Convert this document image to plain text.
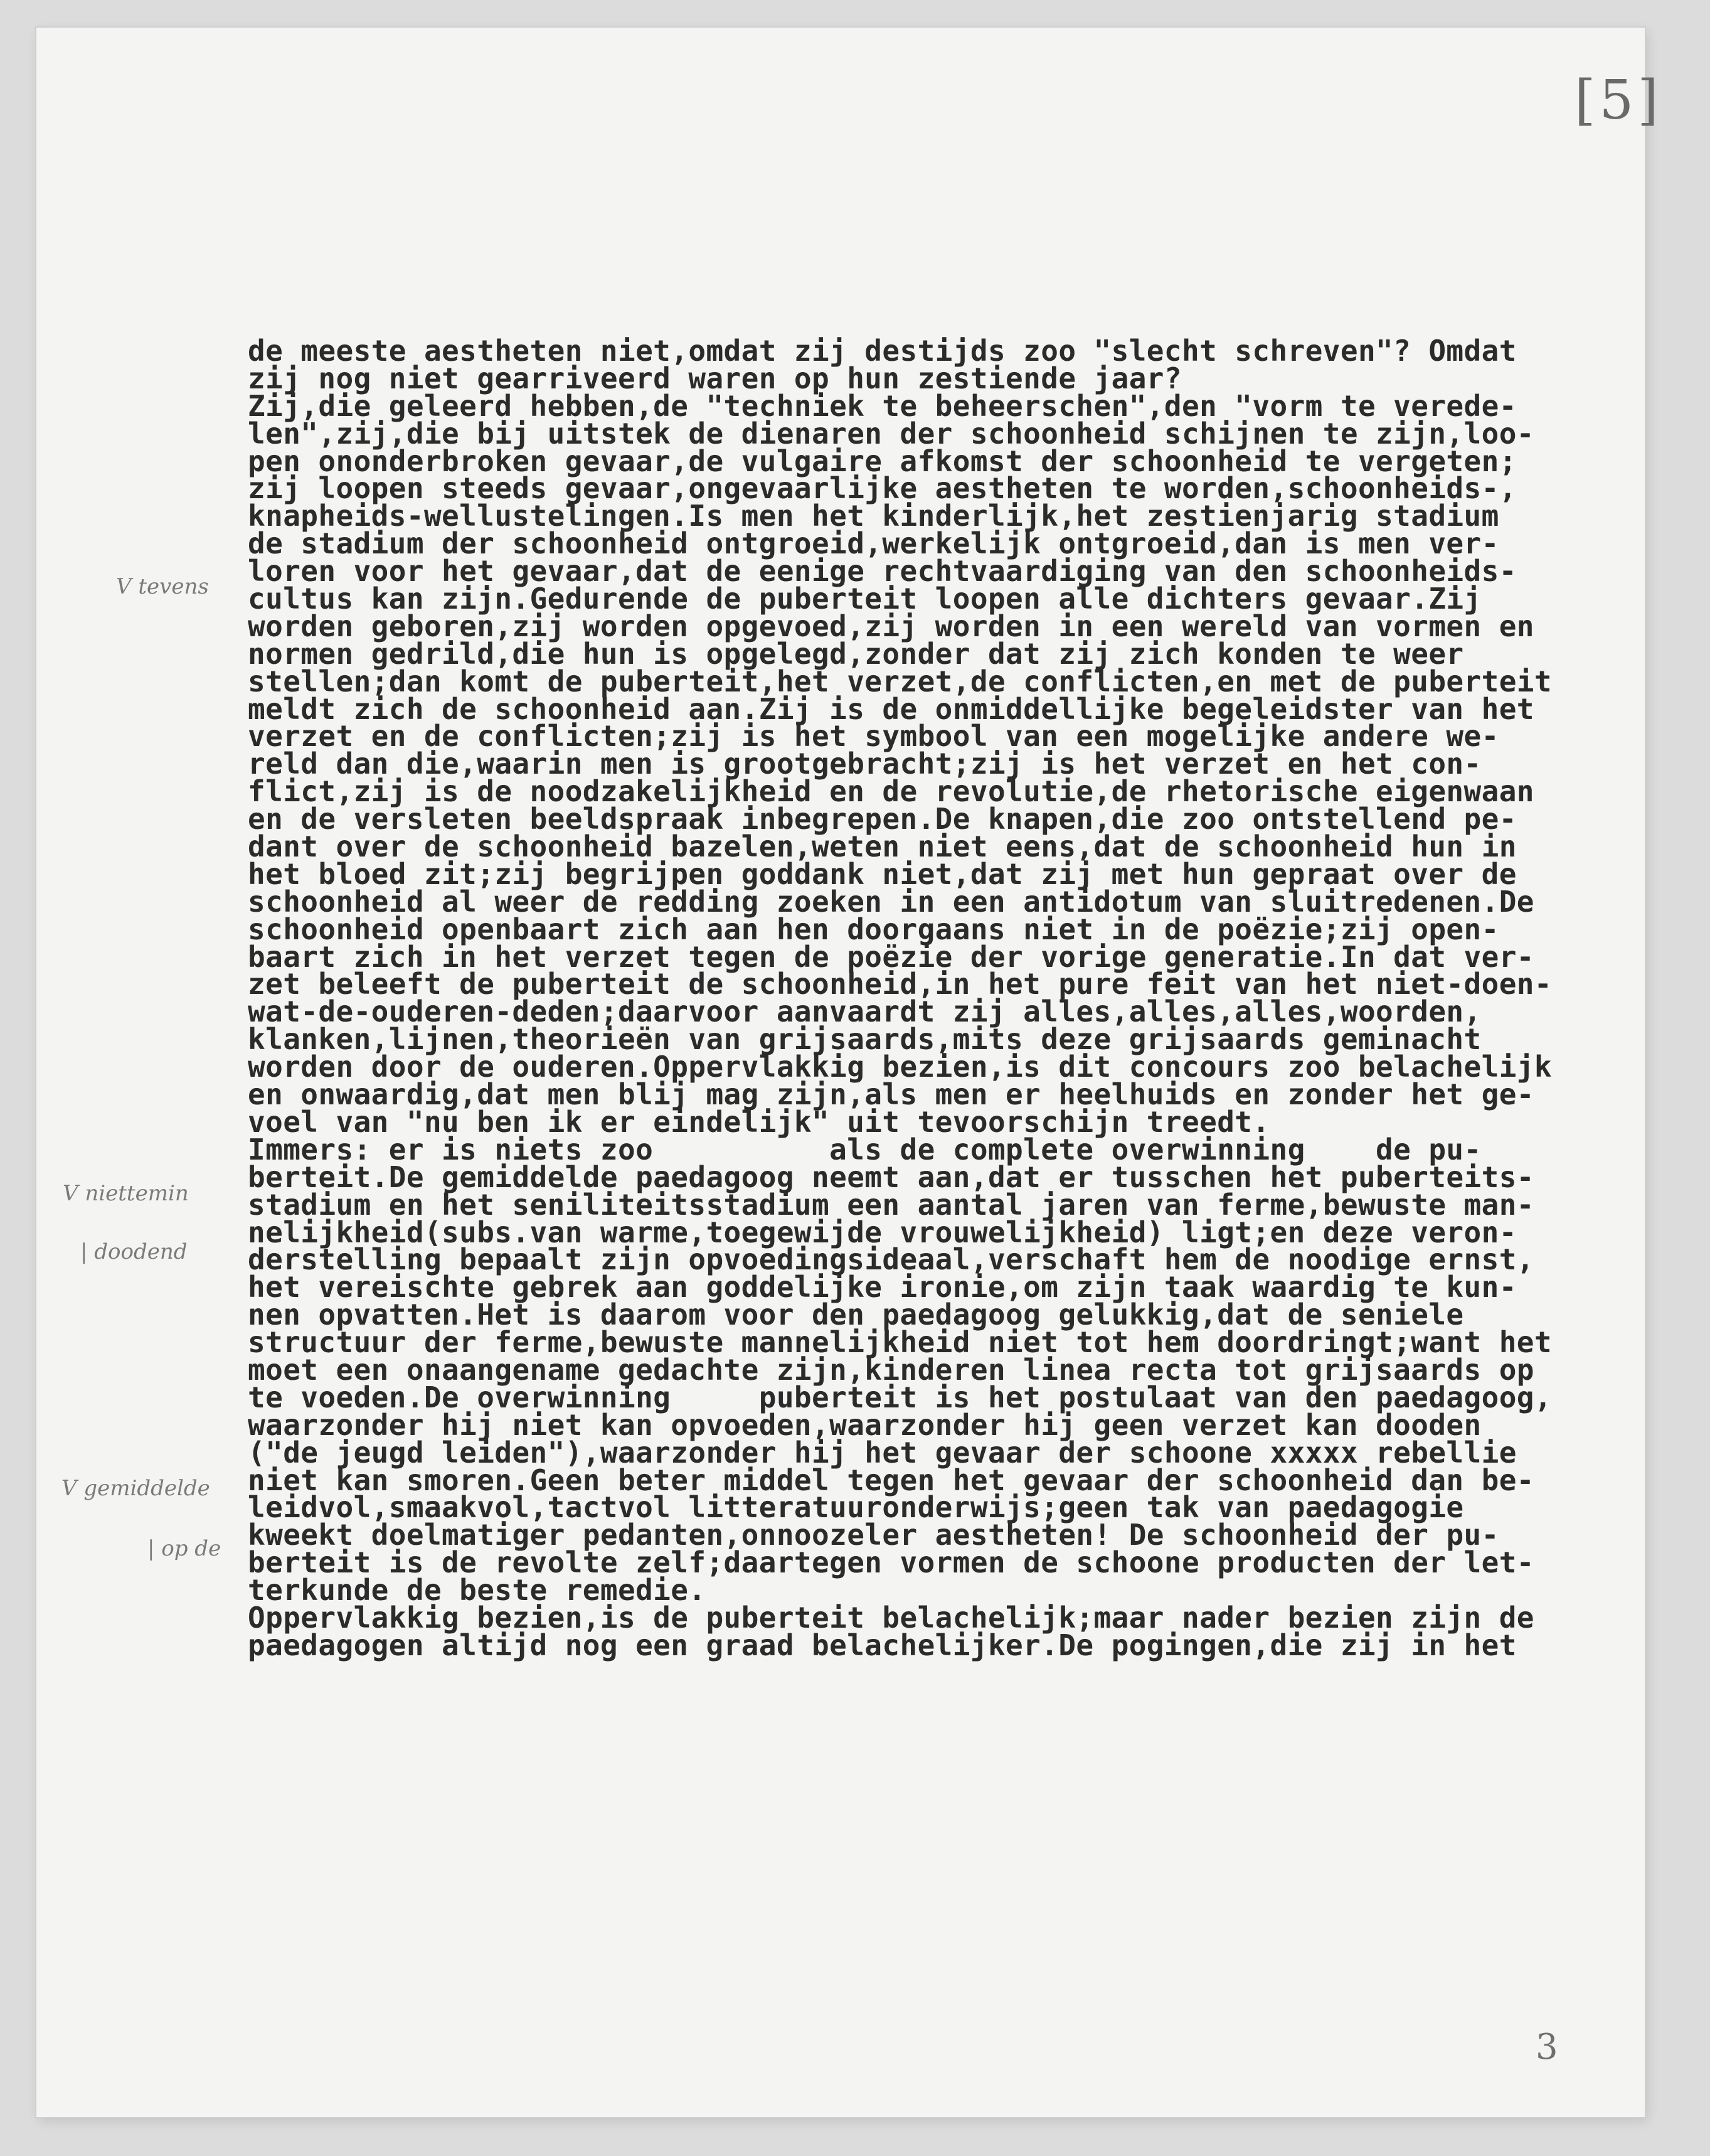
[5]
V tevens
V niettemin
| doodend
V gemiddelde
| op de
de meeste aestheten niet,omdat zij destijds zoo "slecht schreven"? Omdat
zij nog niet gearriveerd waren op hun zestiende jaar?
Zij,die geleerd hebben,de "techniek te beheerschen",den "vorm te verede-
len",zij,die bij uitstek de dienaren der schoonheid schijnen te zijn,loo-
pen ononderbroken gevaar,de vulgaire afkomst der schoonheid te vergeten;
zij loopen steeds gevaar,ongevaarlijke aestheten te worden,schoonheids-,
knapheids-wellustelingen.Is men het kinderlijk,het zestienjarig stadium
de stadium der schoonheid ontgroeid,werkelijk ontgroeid,dan is men ver-
loren voor het gevaar,dat de eenige rechtvaardiging van den schoonheids-
cultus kan zijn.Gedurende de puberteit loopen alle dichters gevaar.Zij
worden geboren,zij worden opgevoed,zij worden in een wereld van vormen en
normen gedrild,die hun is opgelegd,zonder dat zij zich konden te weer
stellen;dan komt de puberteit,het verzet,de conflicten,en met de puberteit
meldt zich de schoonheid aan.Zij is de onmiddellijke begeleidster van het
verzet en de conflicten;zij is het symbool van een mogelijke andere we-
reld dan die,waarin men is grootgebracht;zij is het verzet en het con-
flict,zij is de noodzakelijkheid en de revolutie,de rhetorische eigenwaan
en de versleten beeldspraak inbegrepen.De knapen,die zoo ontstellend pe-
dant over de schoonheid bazelen,weten niet eens,dat de schoonheid hun in
het bloed zit;zij begrijpen goddank niet,dat zij met hun gepraat over de
schoonheid al weer de redding zoeken in een antidotum van sluitredenen.De
schoonheid openbaart zich aan hen doorgaans niet in de poëzie;zij open-
baart zich in het verzet tegen de poëzie der vorige generatie.In dat ver-
zet beleeft de puberteit de schoonheid,in het pure feit van het niet-doen-
wat-de-ouderen-deden;daarvoor aanvaardt zij alles,alles,alles,woorden,
klanken,lijnen,theorieën van grijsaards,mits deze grijsaards geminacht
worden door de ouderen.Oppervlakkig bezien,is dit concours zoo belachelijk
en onwaardig,dat men blij mag zijn,als men er heelhuids en zonder het ge-
voel van "nu ben ik er eindelijk" uit tevoorschijn treedt.
Immers: er is niets zoo          als de complete overwinning    de pu-
berteit.De gemiddelde paedagoog neemt aan,dat er tusschen het puberteits-
stadium en het seniliteitsstadium een aantal jaren van ferme,bewuste man-
nelijkheid(subs.van warme,toegewijde vrouwelijkheid) ligt;en deze veron-
derstelling bepaalt zijn opvoedingsideaal,verschaft hem de noodige ernst,
het vereischte gebrek aan goddelijke ironie,om zijn taak waardig te kun-
nen opvatten.Het is daarom voor den paedagoog gelukkig,dat de seniele
structuur der ferme,bewuste mannelijkheid niet tot hem doordringt;want het
moet een onaangename gedachte zijn,kinderen linea recta tot grijsaards op
te voeden.De overwinning     puberteit is het postulaat van den paedagoog,
waarzonder hij niet kan opvoeden,waarzonder hij geen verzet kan dooden
("de jeugd leiden"),waarzonder hij het gevaar der schoone xxxxx rebellie
niet kan smoren.Geen beter middel tegen het gevaar der schoonheid dan be-
leidvol,smaakvol,tactvol litteratuuronderwijs;geen tak van paedagogie
kweekt doelmatiger pedanten,onnoozeler aestheten! De schoonheid der pu-
berteit is de revolte zelf;daartegen vormen de schoone producten der let-
terkunde de beste remedie.
Oppervlakkig bezien,is de puberteit belachelijk;maar nader bezien zijn de
paedagogen altijd nog een graad belachelijker.De pogingen,die zij in het
3
